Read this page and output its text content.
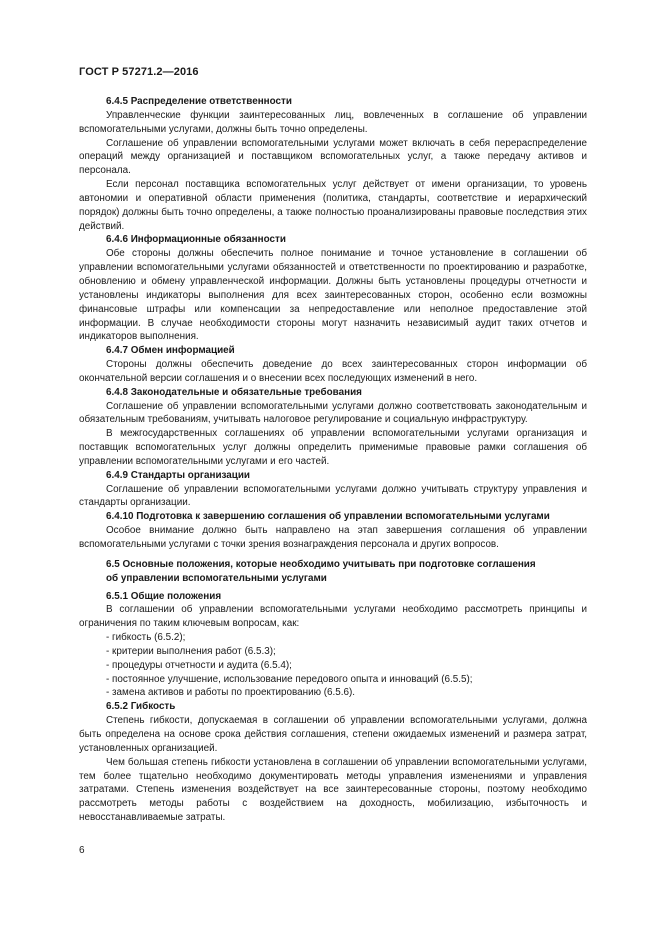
ГОСТ Р 57271.2—2016

6.4.5 Распределение ответственности

Управленческие функции заинтересованных лиц, вовлеченных в соглашение об управлении вспомогательными услугами, должны быть точно определены.

Соглашение об управлении вспомогательными услугами может включать в себя перераспределение операций между организацией и поставщиком вспомогательных услуг, а также передачу активов и персонала.

Если персонал поставщика вспомогательных услуг действует от имени организации, то уровень автономии и оперативной области применения (политика, стандарты, соответствие и иерархический порядок) должны быть точно определены, а также полностью проанализированы правовые последствия этих действий.

6.4.6 Информационные обязанности

Обе стороны должны обеспечить полное понимание и точное установление в соглашении об управлении вспомогательными услугами обязанностей и ответственности по проектированию и разработке, обновлению и обмену управленческой информации. Должны быть установлены процедуры отчетности и установлены индикаторы выполнения для всех заинтересованных сторон, особенно если возможны финансовые штрафы или компенсации за непредоставление или неполное предоставление этой информации. В случае необходимости стороны могут назначить независимый аудит таких отчетов и индикаторов выполнения.

6.4.7 Обмен информацией

Стороны должны обеспечить доведение до всех заинтересованных сторон информации об окончательной версии соглашения и о внесении всех последующих изменений в него.

6.4.8 Законодательные и обязательные требования

Соглашение об управлении вспомогательными услугами должно соответствовать законодательным и обязательным требованиям, учитывать налоговое регулирование и социальную инфраструктуру.

В межгосударственных соглашениях об управлении вспомогательными услугами организация и поставщик вспомогательных услуг должны определить применимые правовые рамки соглашения об управлении вспомогательными услугами и его частей.

6.4.9 Стандарты организации

Соглашение об управлении вспомогательными услугами должно учитывать структуру управления и стандарты организации.

6.4.10 Подготовка к завершению соглашения об управлении вспомогательными услугами

Особое внимание должно быть направлено на этап завершения соглашения об управлении вспомогательными услугами с точки зрения вознаграждения персонала и других вопросов.

6.5 Основные положения, которые необходимо учитывать при подготовке соглашения

об управлении вспомогательными услугами

6.5.1 Общие положения

В соглашении об управлении вспомогательными услугами необходимо рассмотреть принципы и ограничения по таким ключевым вопросам, как:

- гибкость (6.5.2);

- критерии выполнения работ (6.5.3);

- процедуры отчетности и аудита (6.5.4);

- постоянное улучшение, использование передового опыта и инноваций (6.5.5);

- замена активов и работы по проектированию (6.5.6).

6.5.2 Гибкость

Степень гибкости, допускаемая в соглашении об управлении вспомогательными услугами, должна быть определена на основе срока действия соглашения, степени ожидаемых изменений и размера затрат, установленных организацией.

Чем большая степень гибкости установлена в соглашении об управлении вспомогательными услугами, тем более тщательно необходимо документировать методы управления изменениями и управления затратами. Степень изменения воздействует на все заинтересованные стороны, поэтому необходимо рассмотреть методы работы с воздействием на доходность, мобилизацию, избыточность и невосстанавливаемые затраты.

6
